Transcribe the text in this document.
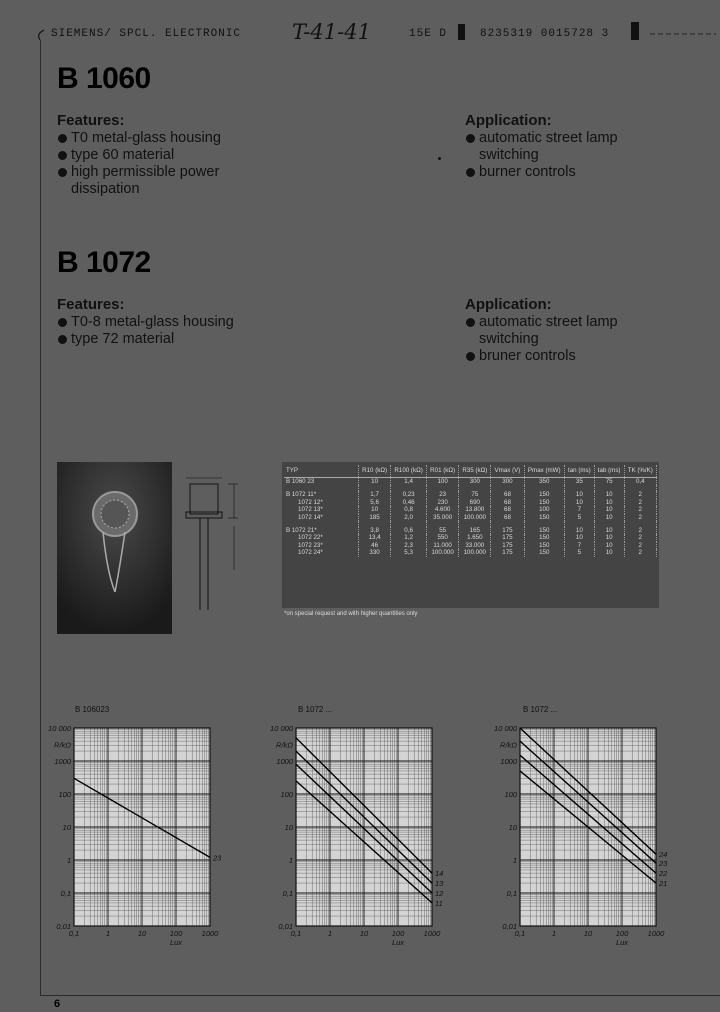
SIEMENS/ SPCL. ELECTRONIC T-41-41	15E D	8235319 0015728 3
B 1060
Features:
T0 metal-glass housing
type 60 material
high permissible power
dissipation
Application:
automatic street lamp
switching
burner controls
B 1072
Features:
T0-8 metal-glass housing
type 72 material
Application:
automatic street lamp
switching
bruner controls
TYP	R10 (kΩ)	R100 (kΩ)	R01 (kΩ)	R35 (kΩ)	Vmax (V)	Pmax (mW)	tan (ms)	tab (ms)	TK (%/K)
B 1060 23	10	1,4	100	300	300	350	35	75	0,4

B 1072 11*	1,7	0,23	23	75	68	150	10	10	2
1072 12*	5,6	0,46	230	690	68	150	10	10	2
1072 13*	10	0,8	4.600	13.800	68	100	7	10	2
1072 14*	185	2,0	35.000	100.000	68	150	5	10	2

B 1072 21*	3,8	0,6	55	165	175	150	10	10	2
1072 22*	13,4	1,2	550	1.650	175	150	10	10	2
1072 23*	46	2,3	11.000	33.000	175	150	7	10	2
1072 24*	330	5,3	100.000	100.000	175	150	5	10	2
*on special request and with higher quantities only
B 106023	B 1072 ...	B 1072 ...
0,1	1	10	100	1000
0,01
0,1
1
10
100
1000
10 000
R/kΩ
Lux
23
0,1	1	10	100	1000
0,01
0,1
1
10
100
1000
10 000
R/kΩ
Lux
14
13
12
11
0,1	1	10	100	1000
0,01
0,1
1
10
100
1000
10 000
R/kΩ
Lux
24
23
22
21
6
